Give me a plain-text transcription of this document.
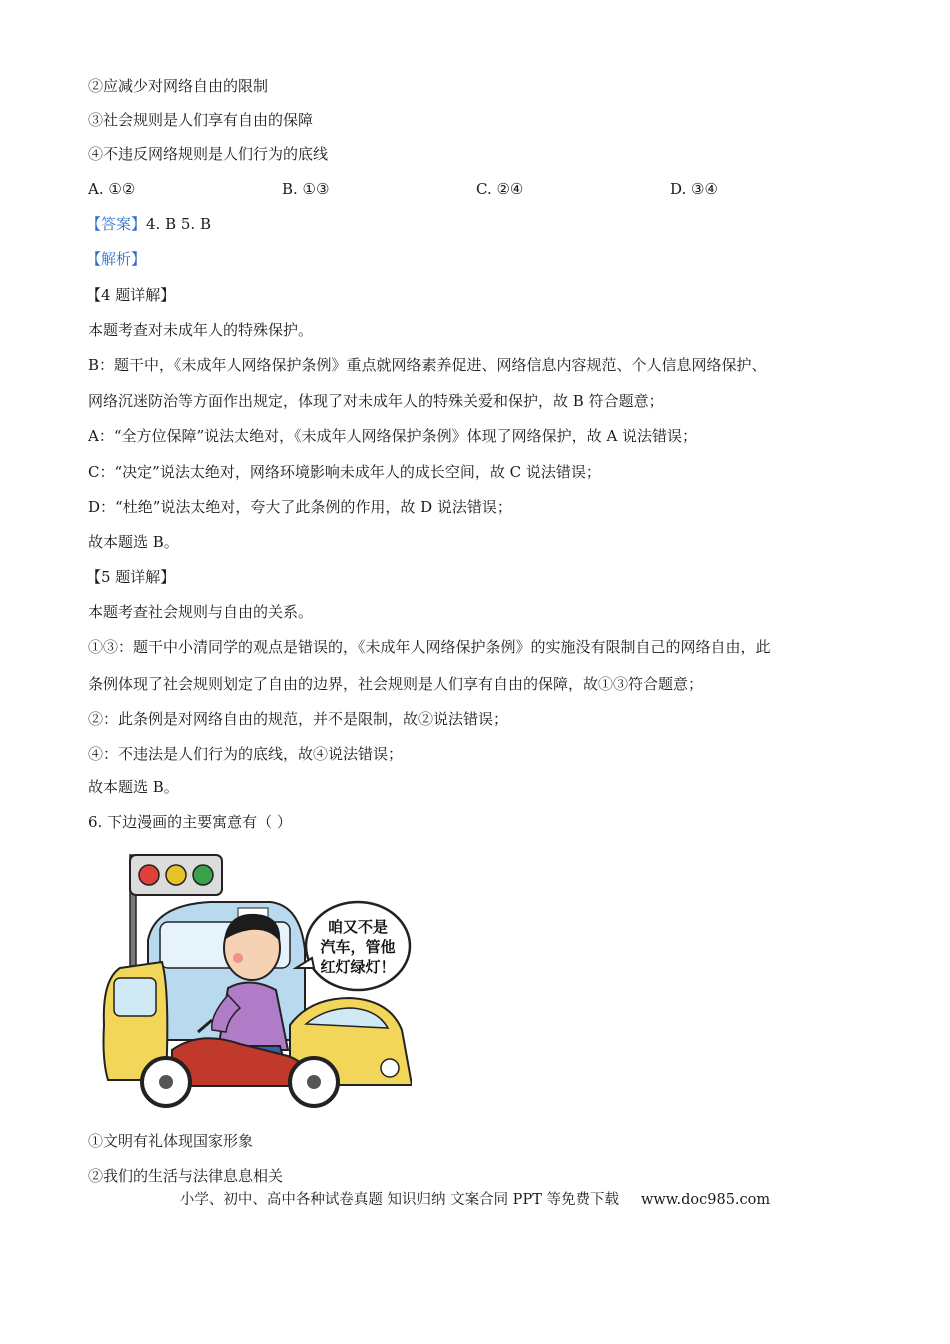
②应减少对网络自由的限制
③社会规则是人们享有自由的保障
④不违反网络规则是人们行为的底线
A. ①②	B. ①③	C. ②④	D. ③④
【答案】4. B 5. B
【解析】
【4 题详解】
本题考查对未成年人的特殊保护。
B：题干中，《未成年人网络保护条例》重点就网络素养促进、网络信息内容规范、个人信息网络保护、
网络沉迷防治等方面作出规定，体现了对未成年人的特殊关爱和保护，故 B 符合题意；
A：“全方位保障”说法太绝对，《未成年人网络保护条例》体现了网络保护，故 A 说法错误；
C：“决定”说法太绝对，网络环境影响未成年人的成长空间，故 C 说法错误；
D：“杜绝”说法太绝对，夸大了此条例的作用，故 D 说法错误；
故本题选 B。
【5 题详解】
本题考查社会规则与自由的关系。
①③：题干中小清同学的观点是错误的，《未成年人网络保护条例》的实施没有限制自己的网络自由，此
条例体现了社会规则划定了自由的边界，社会规则是人们享有自由的保障，故①③符合题意；
②：此条例是对网络自由的规范，并不是限制，故②说法错误；
④：不违法是人们行为的底线，故④说法错误；
故本题选 B。
6. 下边漫画的主要寓意有（ ）
咱又不是
汽车，管他
红灯绿灯！
①文明有礼体现国家形象
②我们的生活与法律息息相关
小学、初中、高中各种试卷真题 知识归纳 文案合同 PPT 等免费下载 www.doc985.com
